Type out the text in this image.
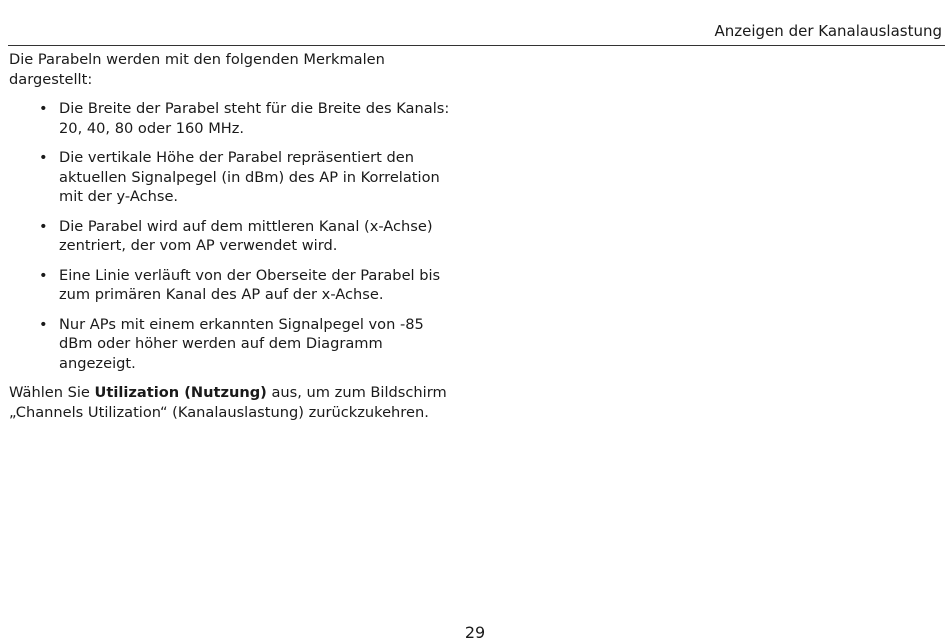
Anzeigen der Kanalauslastung

Die Parabeln werden mit den folgenden Merkmalen dargestellt:

• Die Breite der Parabel steht für die Breite des Kanals: 20, 40, 80 oder 160 MHz.
• Die vertikale Höhe der Parabel repräsentiert den aktuellen Signalpegel (in dBm) des AP in Korrelation mit der y-Achse.
• Die Parabel wird auf dem mittleren Kanal (x-Achse) zentriert, der vom AP verwendet wird.
• Eine Linie verläuft von der Oberseite der Parabel bis zum primären Kanal des AP auf der x-Achse.
• Nur APs mit einem erkannten Signalpegel von -85 dBm oder höher werden auf dem Diagramm angezeigt.

Wählen Sie Utilization (Nutzung) aus, um zum Bildschirm „Channels Utilization“ (Kanalauslastung) zurückzukehren.

29
